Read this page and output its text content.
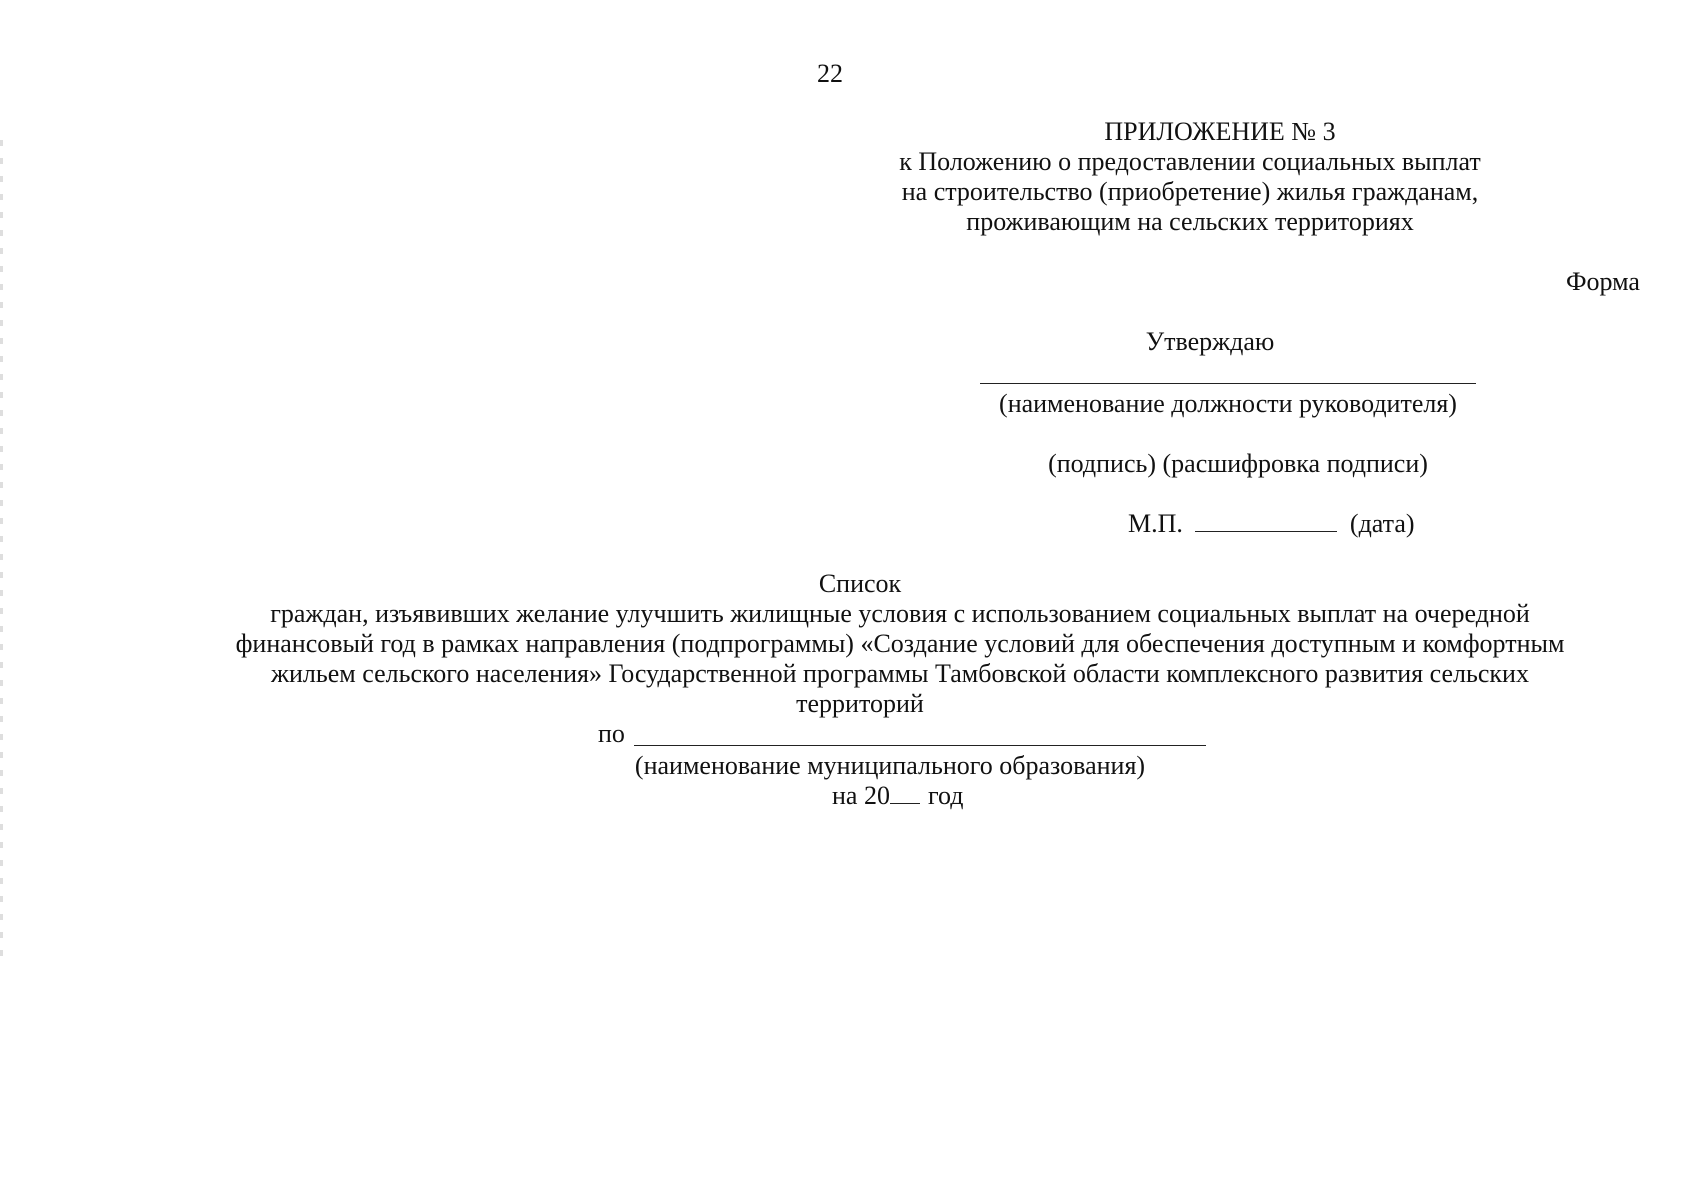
22
ПРИЛОЖЕНИЕ № 3
к Положению о предоставлении социальных выплат
на строительство (приобретение) жилья гражданам,
проживающим на сельских территориях
Форма
Утверждаю
(наименование должности руководителя)
(подпись) (расшифровка подписи)
М.П.	(дата)
Список
граждан, изъявивших желание улучшить жилищные условия с использованием социальных выплат на очередной
финансовый год в рамках направления (подпрограммы) «Создание условий для обеспечения доступным и комфортным
жильем сельского населения» Государственной программы Тамбовской области комплексного развития сельских
территорий
по
(наименование муниципального образования)
на 20 год
